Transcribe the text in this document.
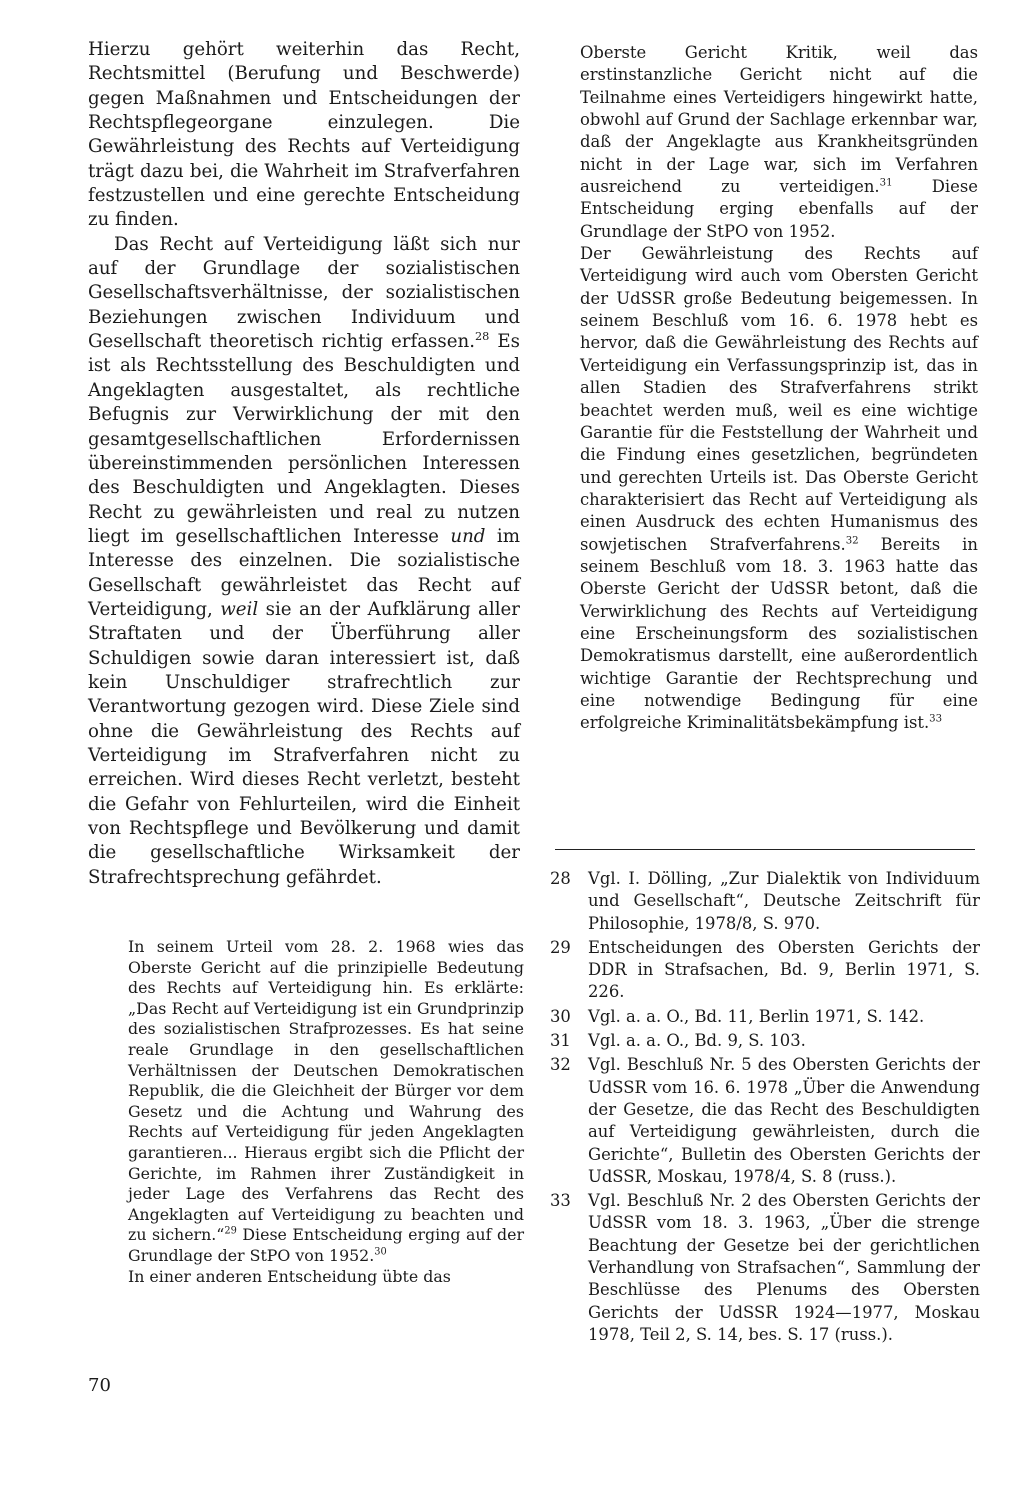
Hierzu gehört weiterhin das Recht, Rechtsmittel (Berufung und Beschwerde) gegen Maßnahmen und Entscheidungen der Rechtspflegeorgane einzulegen. Die Gewährleistung des Rechts auf Verteidigung trägt dazu bei, die Wahrheit im Strafverfahren festzustellen und eine gerechte Entscheidung zu finden.

Das Recht auf Verteidigung läßt sich nur auf der Grundlage der sozialistischen Gesellschaftsverhältnisse, der sozialistischen Beziehungen zwischen Individuum und Gesellschaft theoretisch richtig erfassen.$^{28}$ Es ist als Rechtsstellung des Beschuldigten und Angeklagten ausgestaltet, als rechtliche Befugnis zur Verwirklichung der mit den gesamtgesellschaftlichen Erfordernissen übereinstimmenden persönlichen Interessen des Beschuldigten und Angeklagten. Dieses Recht zu gewährleisten und real zu nutzen liegt im gesellschaftlichen Interesse und im Interesse des einzelnen. Die sozialistische Gesellschaft gewährleistet das Recht auf Verteidigung, weil sie an der Aufklärung aller Straftaten und der Überführung aller Schuldigen sowie daran interessiert ist, daß kein Unschuldiger strafrechtlich zur Verantwortung gezogen wird. Diese Ziele sind ohne die Gewährleistung des Rechts auf Verteidigung im Strafverfahren nicht zu erreichen. Wird dieses Recht verletzt, besteht die Gefahr von Fehlurteilen, wird die Einheit von Rechtspflege und Bevölkerung und damit die gesellschaftliche Wirksamkeit der Strafrechtsprechung gefährdet.

In seinem Urteil vom 28. 2. 1968 wies das Oberste Gericht auf die prinzipielle Bedeutung des Rechts auf Verteidigung hin. Es erklärte: „Das Recht auf Verteidigung ist ein Grundprinzip des sozialistischen Strafprozesses. Es hat seine reale Grundlage in den gesellschaftlichen Verhältnissen der Deutschen Demokratischen Republik, die die Gleichheit der Bürger vor dem Gesetz und die Achtung und Wahrung des Rechts auf Verteidigung für jeden Angeklagten garantieren... Hieraus ergibt sich die Pflicht der Gerichte, im Rahmen ihrer Zuständigkeit in jeder Lage des Verfahrens das Recht des Angeklagten auf Verteidigung zu beachten und zu sichern.“$^{29}$ Diese Entscheidung erging auf der Grundlage der StPO von 1952.30

In einer anderen Entscheidung übte das

Oberste Gericht Kritik, weil das erstinstanzliche Gericht nicht auf die Teilnahme eines Verteidigers hingewirkt hatte, obwohl auf Grund der Sachlage erkennbar war, daß der Angeklagte aus Krankheitsgründen nicht in der Lage war, sich im Verfahren ausreichend zu verteidigen.$^{31}$ Diese Entscheidung erging ebenfalls auf der Grundlage der StPO von 1952.

Der Gewährleistung des Rechts auf Verteidigung wird auch vom Obersten Gericht der UdSSR große Bedeutung beigemessen. In seinem Beschluß vom 16. 6. 1978 hebt es hervor, daß die Gewährleistung des Rechts auf Verteidigung ein Verfassungsprinzip ist, das in allen Stadien des Strafverfahrens strikt beachtet werden muß, weil es eine wichtige Garantie für die Feststellung der Wahrheit und die Findung eines gesetzlichen, begründeten und gerechten Urteils ist. Das Oberste Gericht charakterisiert das Recht auf Verteidigung als einen Ausdruck des echten Humanismus des sowjetischen Strafverfahrens.$^{32}$ Bereits in seinem Beschluß vom 18. 3. 1963 hatte das Oberste Gericht der UdSSR betont, daß die Verwirklichung des Rechts auf Verteidigung eine Erscheinungsform des sozialistischen Demokratismus darstellt, eine außerordentlich wichtige Garantie der Rechtsprechung und eine notwendige Bedingung für eine erfolgreiche Kriminalitätsbekämpfung ist.$^{33}$

28	Vgl. I. Dölling, „Zur Dialektik von Individuum und Gesellschaft“, Deutsche Zeitschrift für Philosophie, 1978/8, S. 970.
29	Entscheidungen des Obersten Gerichts der DDR in Strafsachen, Bd. 9, Berlin 1971, S. 226.
30	Vgl. a. a. O., Bd. 11, Berlin 1971, S. 142.
31	Vgl. a. a. O., Bd. 9, S. 103.
32	Vgl. Beschluß Nr. 5 des Obersten Gerichts der UdSSR vom 16. 6. 1978 „Über die Anwendung der Gesetze, die das Recht des Beschuldigten auf Verteidigung gewährleisten, durch die Gerichte“, Bulletin des Obersten Gerichts der UdSSR, Moskau, 1978/4, S. 8 (russ.).
33	Vgl. Beschluß Nr. 2 des Obersten Gerichts der UdSSR vom 18. 3. 1963, „Über die strenge Beachtung der Gesetze bei der gerichtlichen Verhandlung von Strafsachen“, Sammlung der Beschlüsse des Plenums des Obersten Gerichts der UdSSR 1924—1977, Moskau 1978, Teil 2, S. 14, bes. S. 17 (russ.).
70
